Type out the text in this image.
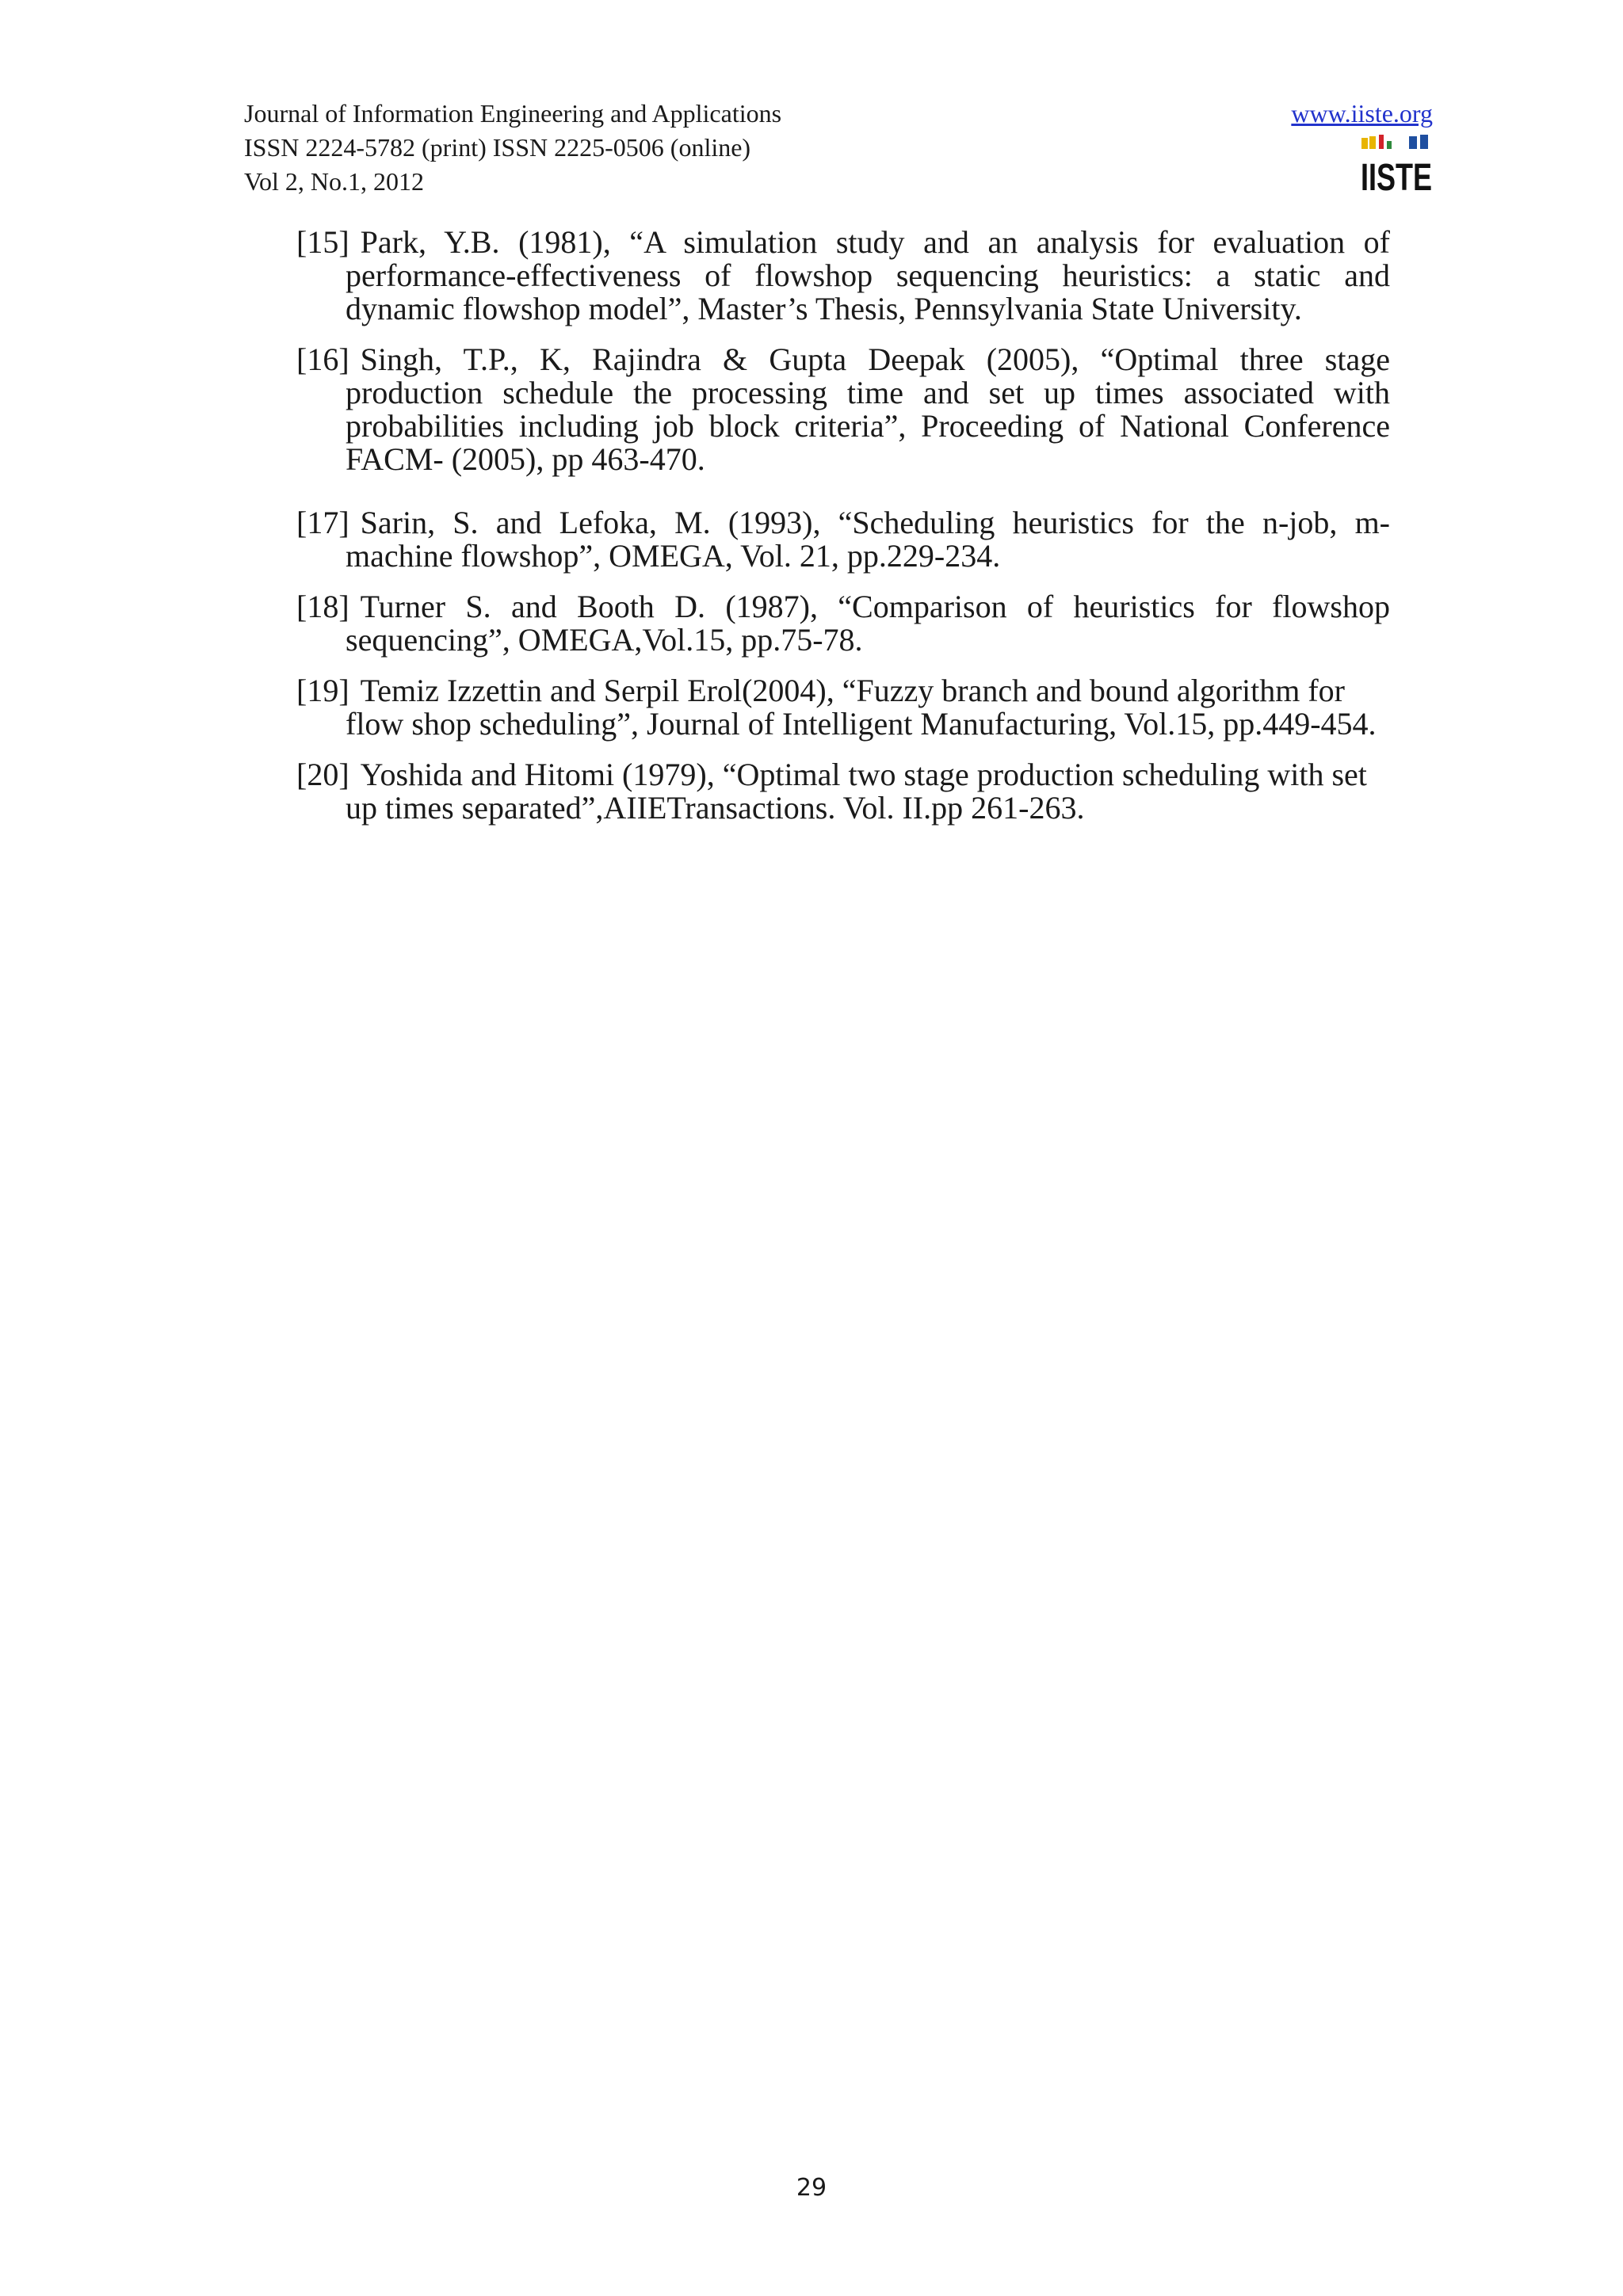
Journal of Information Engineering and Applications
ISSN 2224-5782 (print) ISSN 2225-0506 (online)
Vol 2, No.1, 2012
www.iiste.org
IISTE

[15] Park, Y.B. (1981), “A simulation study and an analysis for evaluation of performance-effectiveness of flowshop sequencing heuristics: a static and dynamic flowshop model”, Master’s Thesis, Pennsylvania State University.

[16] Singh, T.P., K, Rajindra & Gupta Deepak (2005), “Optimal three stage production schedule the processing time and set up times associated with probabilities including job block criteria”, Proceeding of National Conference FACM- (2005), pp 463-470.

[17] Sarin, S. and Lefoka, M. (1993), “Scheduling heuristics for the n-job, m-machine flowshop”, OMEGA, Vol. 21, pp.229-234.

[18] Turner S. and Booth D. (1987), “Comparison of heuristics for flowshop sequencing”, OMEGA,Vol.15, pp.75-78.

[19] Temiz Izzettin and Serpil Erol(2004), “Fuzzy branch and bound algorithm for flow shop scheduling”, Journal of Intelligent Manufacturing, Vol.15, pp.449-454.

[20] Yoshida and Hitomi (1979), “Optimal two stage production scheduling with set up times separated”,AIIETransactions. Vol. II.pp 261-263.

29
